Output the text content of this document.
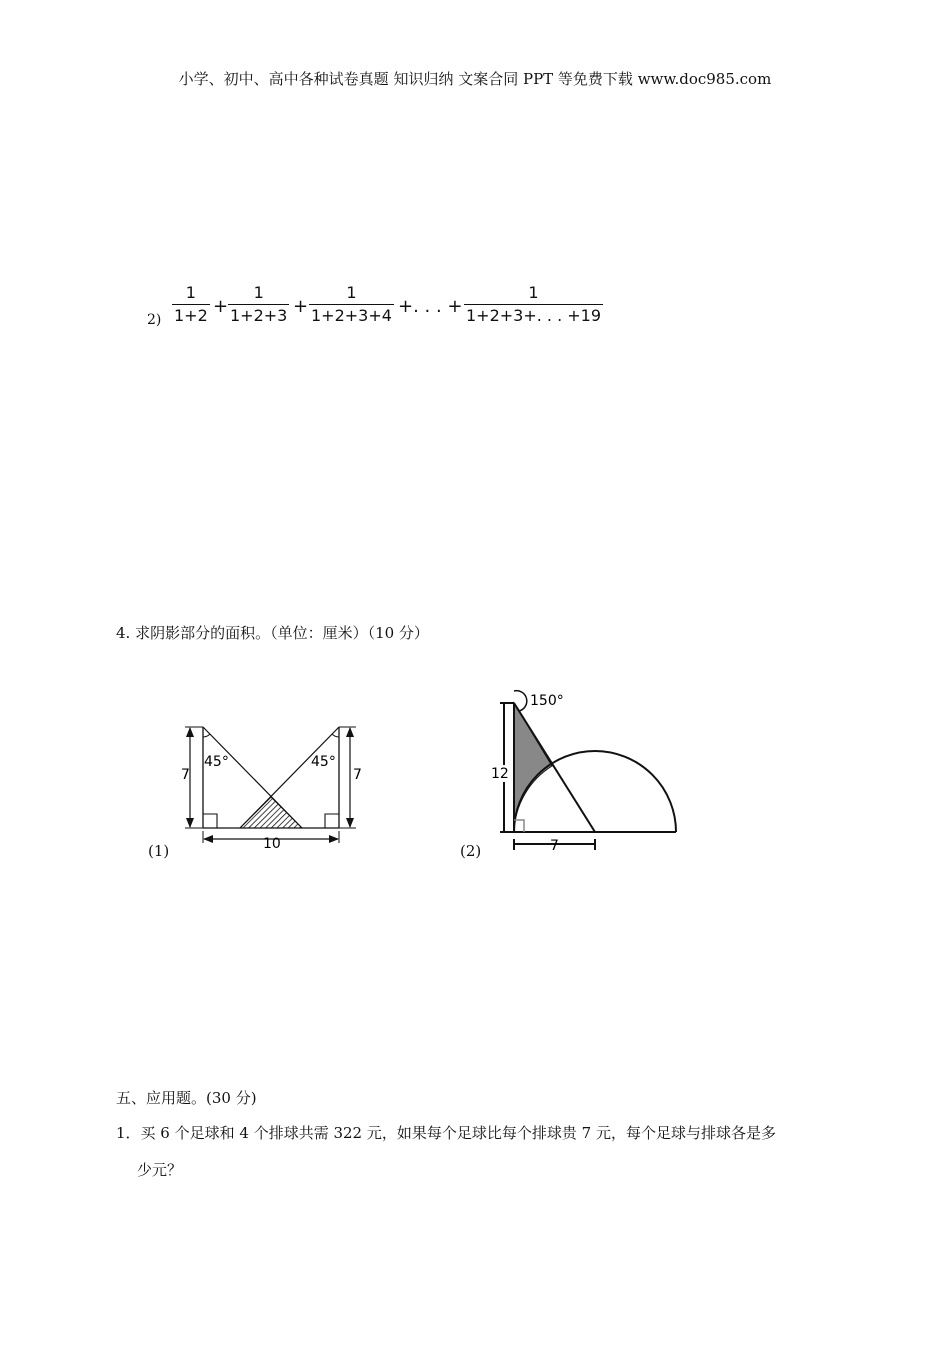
小学、初中、高中各种试卷真题 知识归纳 文案合同 PPT 等免费下载 www.doc985.com
$2) \frac{1}{1+2} + \frac{1}{1+2+3} + \frac{1}{1+2+3+4}$ +. . . + $\frac{1}{1+2+3+. . . +19}$
4. 求阴影部分的面积。（单位：厘米）（10 分）
(1)
45°	45°
7	7
10	(2)
12
150°
7
五、应用题。(30 分)
1．买 6 个足球和 4 个排球共需 322 元，如果每个足球比每个排球贵 7 元，每个足球与排球各是多
少元？
